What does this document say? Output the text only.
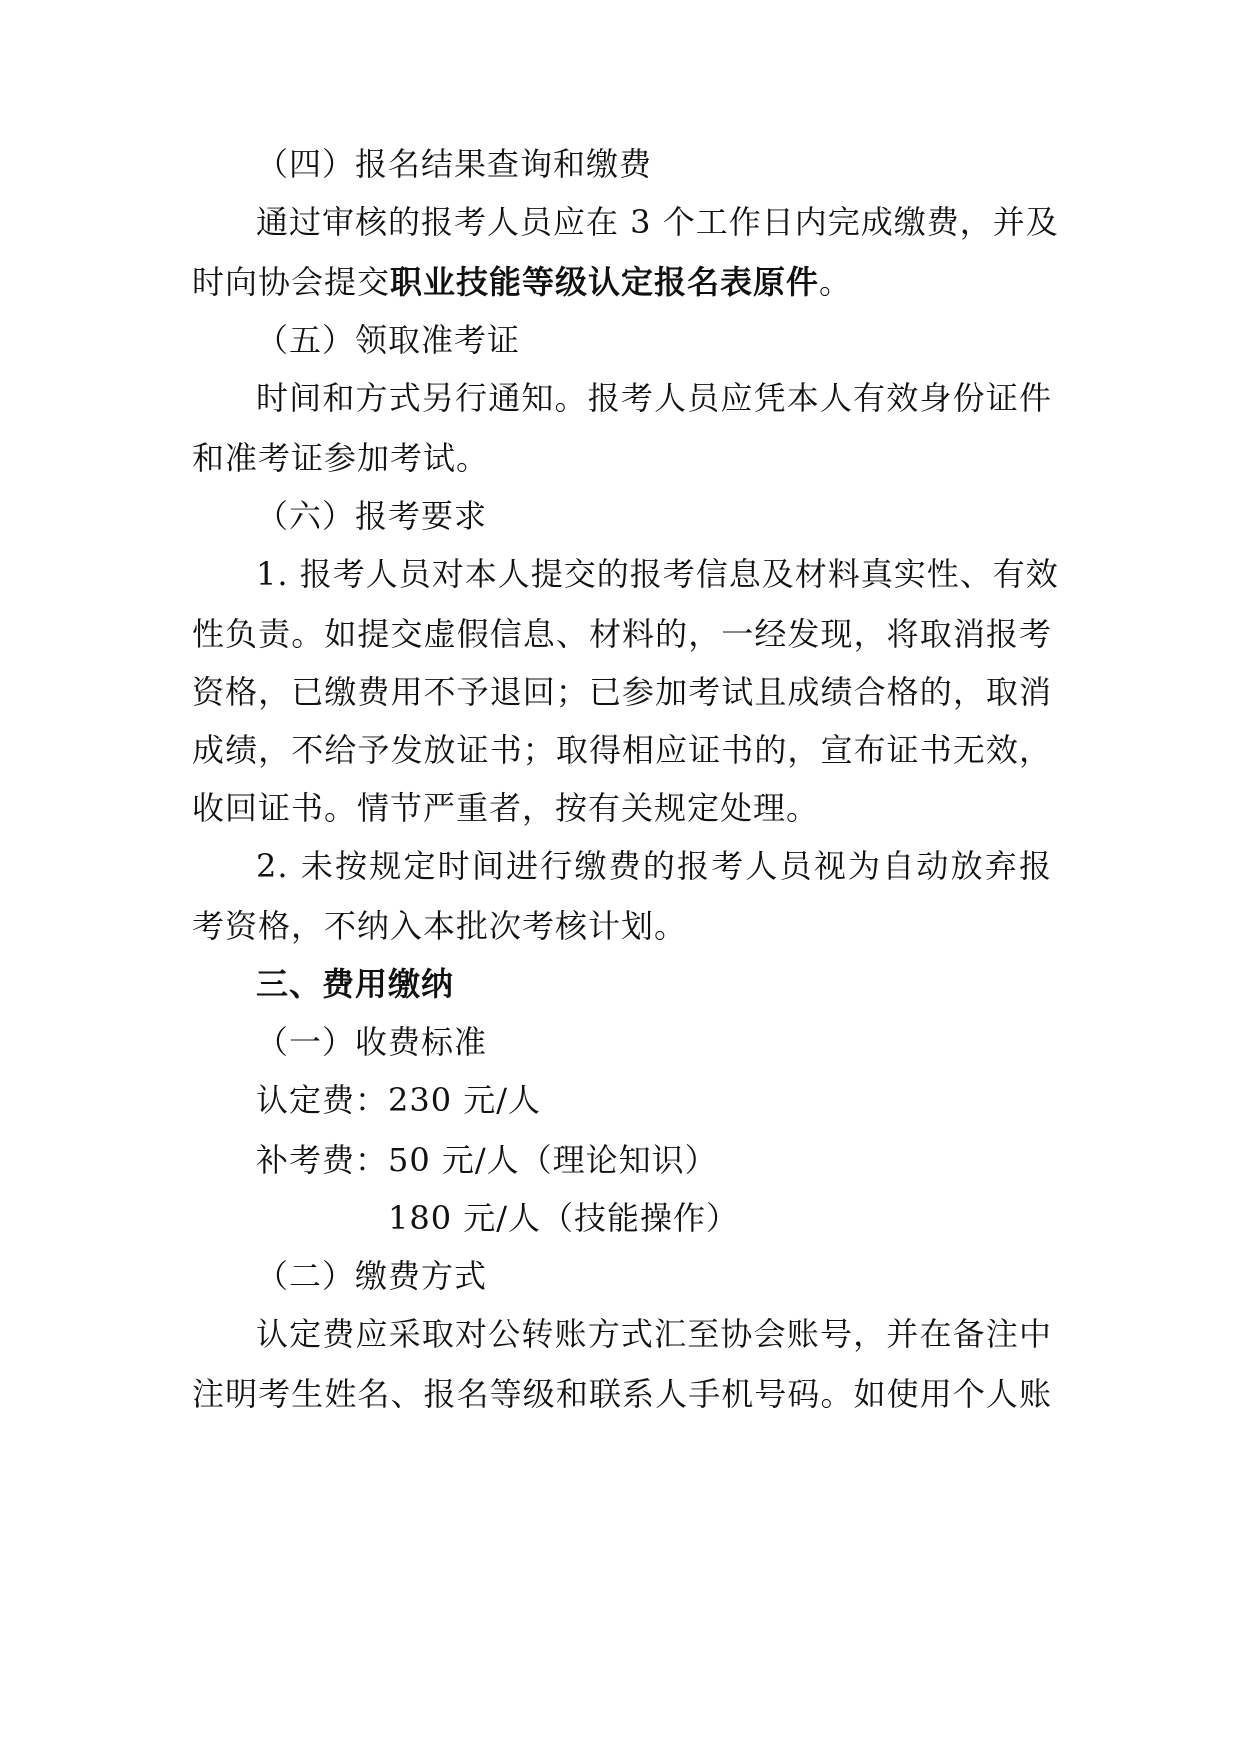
（四）报名结果查询和缴费
通过审核的报考人员应在 3 个工作日内完成缴费，并及
时向协会提交职业技能等级认定报名表原件。
（五）领取准考证
时间和方式另行通知。报考人员应凭本人有效身份证件
和准考证参加考试。
（六）报考要求
1. 报考人员对本人提交的报考信息及材料真实性、有效
性负责。如提交虚假信息、材料的，一经发现，将取消报考
资格，已缴费用不予退回；已参加考试且成绩合格的，取消
成绩，不给予发放证书；取得相应证书的，宣布证书无效，
收回证书。情节严重者，按有关规定处理。
2. 未按规定时间进行缴费的报考人员视为自动放弃报
考资格，不纳入本批次考核计划。
三、费用缴纳
（一）收费标准
认定费：230 元/人
补考费：50 元/人（理论知识）
180 元/人（技能操作）
（二）缴费方式
认定费应采取对公转账方式汇至协会账号，并在备注中
注明考生姓名、报名等级和联系人手机号码。如使用个人账
